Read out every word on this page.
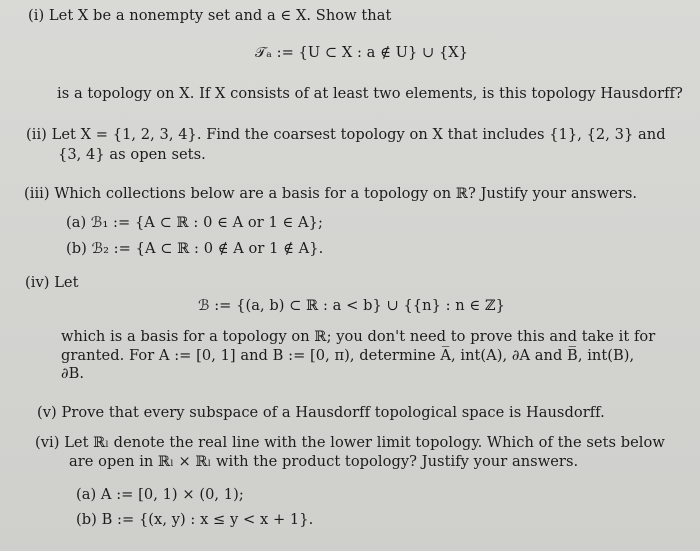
(i) Let X be a nonempty set and a ∈ X. Show that
𝒯ₐ := {U ⊂ X : a ∉ U} ∪ {X}
is a topology on X. If X consists of at least two elements, is this topology Hausdorff?
(ii) Let X = {1, 2, 3, 4}. Find the coarsest topology on X that includes {1}, {2, 3} and
{3, 4} as open sets.
(iii) Which collections below are a basis for a topology on ℝ? Justify your answers.
(a) ℬ₁ := {A ⊂ ℝ : 0 ∈ A or 1 ∈ A};
(b) ℬ₂ := {A ⊂ ℝ : 0 ∉ A or 1 ∉ A}.
(iv) Let
ℬ := {(a, b) ⊂ ℝ : a < b} ∪ {{n} : n ∈ ℤ}
which is a basis for a topology on ℝ; you don't need to prove this and take it for
granted. For A := [0, 1] and B := [0, π), determine A̅, int(A), ∂A and B̅, int(B),
∂B.
(v) Prove that every subspace of a Hausdorff topological space is Hausdorff.
(vi) Let ℝₗ denote the real line with the lower limit topology. Which of the sets below
are open in ℝₗ × ℝₗ with the product topology? Justify your answers.
(a) A := [0, 1) × (0, 1);
(b) B := {(x, y) : x ≤ y < x + 1}.
